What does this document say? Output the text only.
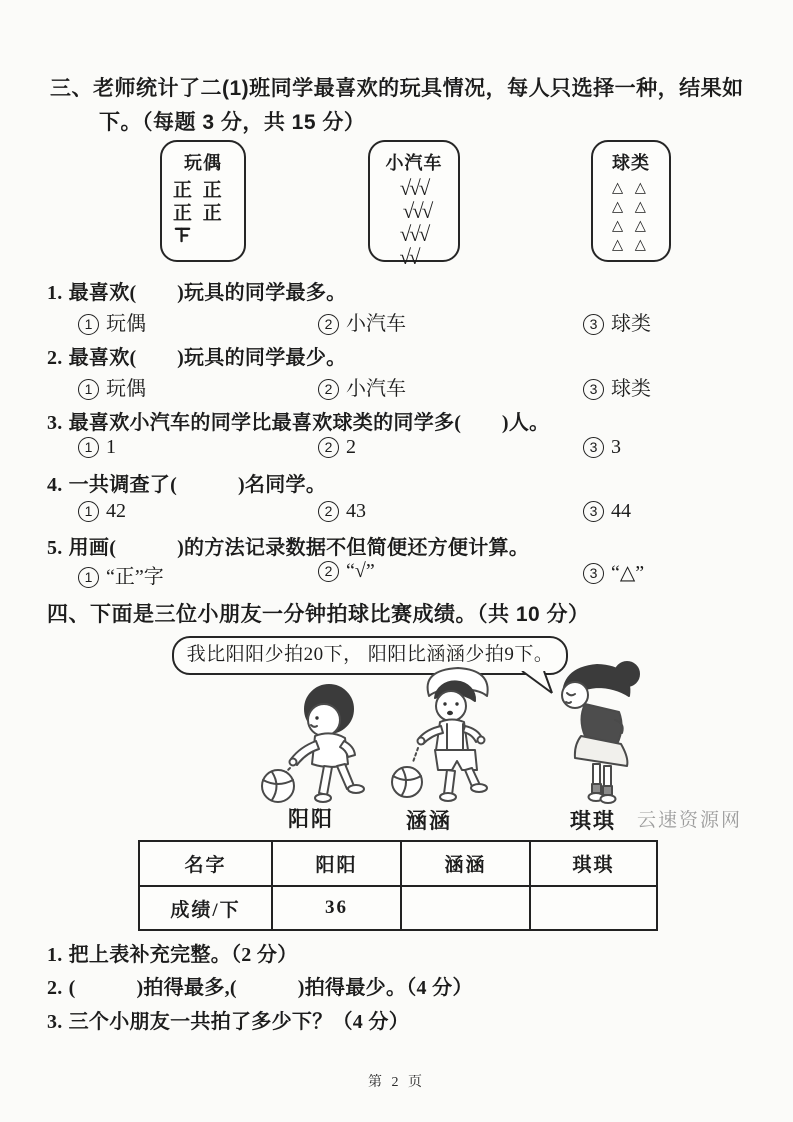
三、老师统计了二(1)班同学最喜欢的玩具情况，每人只选择一种，结果如
下。（每题 3 分，共 15 分）
玩偶
正 正
正 正
小汽车
√√√
√√√
√√√
√√
球类
△ △
△ △
△ △
△ △
1. 最喜欢(　　)玩具的同学最多。
1 玩偶	2 小汽车	3 球类
2. 最喜欢(　　)玩具的同学最少。
1 玩偶	2 小汽车	3 球类
3. 最喜欢小汽车的同学比最喜欢球类的同学多(　　)人。
1 1	2 2	3 3
4. 一共调查了(　　　)名同学。
1 42	2 43	3 44
5. 用画(　　　)的方法记录数据不但简便还方便计算。
1 “正”字	2 “√”	3 “△”
四、下面是三位小朋友一分钟拍球比赛成绩。（共 10 分）
我比阳阳少拍20下， 阳阳比涵涵少拍9下。
阳阳	涵涵	琪琪 云速资源网
名字	阳阳	涵涵	琪琪
成绩/下	36		
1. 把上表补充完整。（2 分）
2. (　　　)拍得最多,(　　　)拍得最少。（4 分）
3. 三个小朋友一共拍了多少下？（4 分）
第 2 页
